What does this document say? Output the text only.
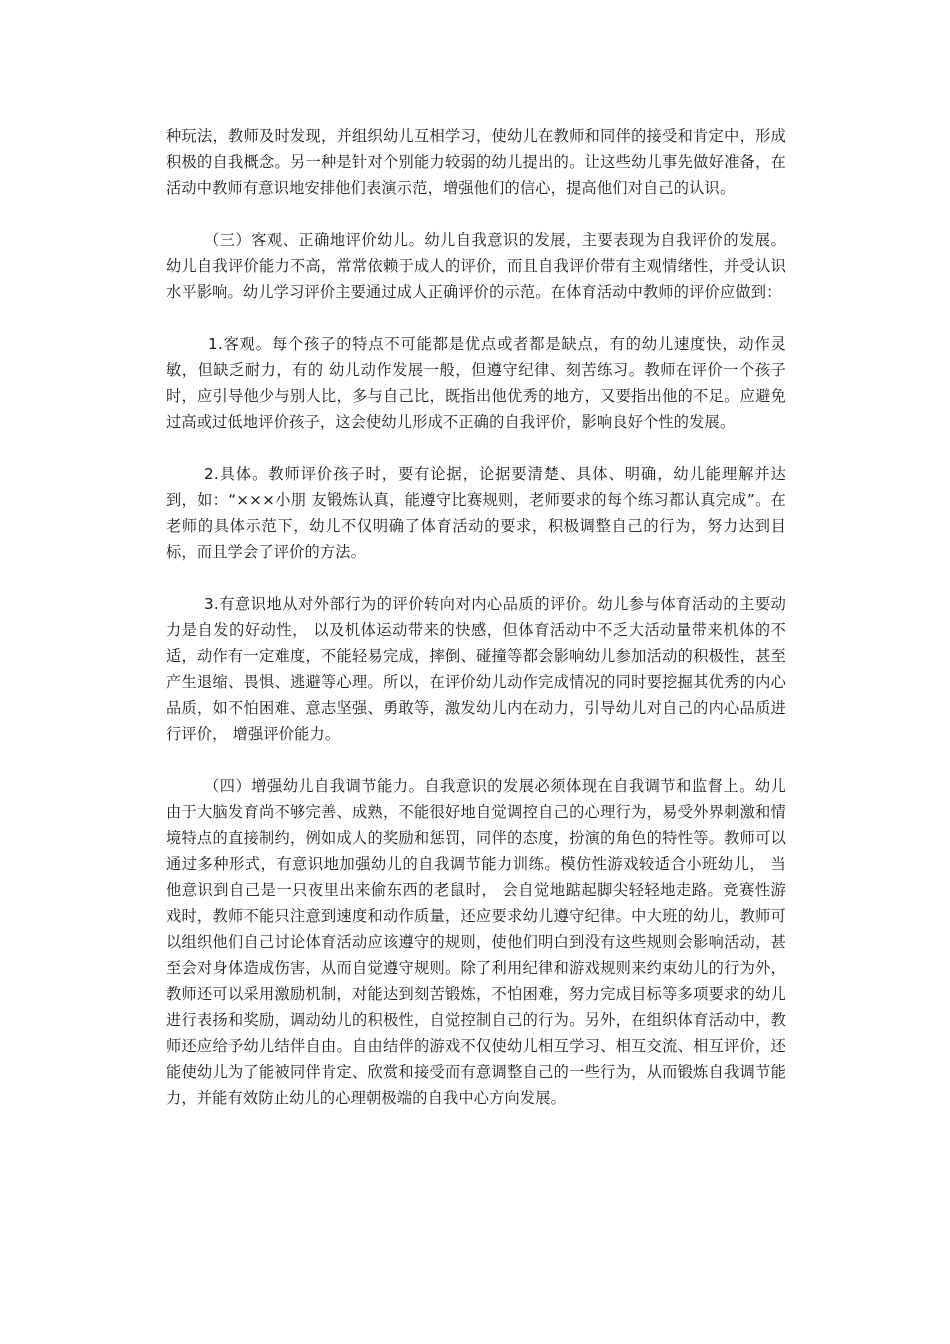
种玩法，教师及时发现，并组织幼儿互相学习，使幼儿在教师和同伴的接受和肯定中，形成积极的自我概念。另一种是针对个别能力较弱的幼儿提出的。让这些幼儿事先做好准备，在活动中教师有意识地安排他们表演示范，增强他们的信心，提高他们对自己的认识。

（三）客观、正确地评价幼儿。幼儿自我意识的发展，主要表现为自我评价的发展。幼儿自我评价能力不高，常常依赖于成人的评价，而且自我评价带有主观情绪性，并受认识水平影响。幼儿学习评价主要通过成人正确评价的示范。在体育活动中教师的评价应做到：

1.客观。每个孩子的特点不可能都是优点或者都是缺点，有的幼儿速度快，动作灵敏，但缺乏耐力，有的 幼儿动作发展一般，但遵守纪律、刻苦练习。教师在评价一个孩子时，应引导他少与别人比，多与自己比，既指出他优秀的地方，又要指出他的不足。应避免过高或过低地评价孩子，这会使幼儿形成不正确的自我评价，影响良好个性的发展。

2.具体。教师评价孩子时，要有论据，论据要清楚、具体、明确，幼儿能理解并达到，如：“×××小朋 友锻炼认真，能遵守比赛规则，老师要求的每个练习都认真完成”。在老师的具体示范下，幼儿不仅明确了体育活动的要求，积极调整自己的行为，努力达到目标，而且学会了评价的方法。

3.有意识地从对外部行为的评价转向对内心品质的评价。幼儿参与体育活动的主要动力是自发的好动性， 以及机体运动带来的快感，但体育活动中不乏大活动量带来机体的不适，动作有一定难度，不能轻易完成，摔倒、碰撞等都会影响幼儿参加活动的积极性，甚至产生退缩、畏惧、逃避等心理。所以，在评价幼儿动作完成情况的同时要挖掘其优秀的内心品质，如不怕困难、意志坚强、勇敢等，激发幼儿内在动力，引导幼儿对自己的内心品质进行评价， 增强评价能力。

（四）增强幼儿自我调节能力。自我意识的发展必须体现在自我调节和监督上。幼儿由于大脑发育尚不够完善、成熟，不能很好地自觉调控自己的心理行为，易受外界刺激和情境特点的直接制约，例如成人的奖励和惩罚，同伴的态度，扮演的角色的特性等。教师可以通过多种形式，有意识地加强幼儿的自我调节能力训练。模仿性游戏较适合小班幼儿， 当他意识到自己是一只夜里出来偷东西的老鼠时， 会自觉地踮起脚尖轻轻地走路。竞赛性游戏时，教师不能只注意到速度和动作质量，还应要求幼儿遵守纪律。中大班的幼儿，教师可以组织他们自己讨论体育活动应该遵守的规则，使他们明白到没有这些规则会影响活动，甚至会对身体造成伤害，从而自觉遵守规则。除了利用纪律和游戏规则来约束幼儿的行为外，教师还可以采用激励机制，对能达到刻苦锻炼，不怕困难，努力完成目标等多项要求的幼儿进行表扬和奖励，调动幼儿的积极性，自觉控制自己的行为。另外，在组织体育活动中，教师还应给予幼儿结伴自由。自由结伴的游戏不仅使幼儿相互学习、相互交流、相互评价，还能使幼儿为了能被同伴肯定、欣赏和接受而有意调整自己的一些行为，从而锻炼自我调节能力，并能有效防止幼儿的心理朝极端的自我中心方向发展。
